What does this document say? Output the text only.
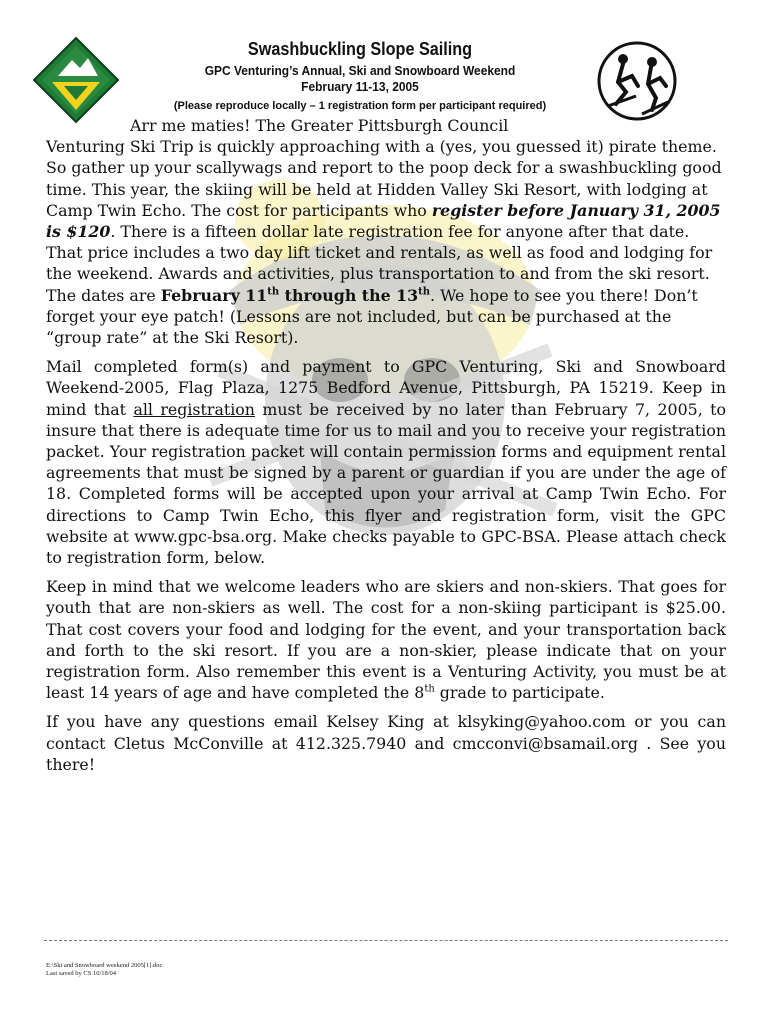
Swashbuckling Slope Sailing
GPC Venturing’s Annual, Ski and Snowboard Weekend
February 11-13, 2005
(Please reproduce locally – 1 registration form per participant required)

Arr me maties! The Greater Pittsburgh Council
Venturing Ski Trip is quickly approaching with a (yes, you guessed it) pirate theme. So gather up your scallywags and report to the poop deck for a swashbuckling good time. This year, the skiing will be held at Hidden Valley Ski Resort, with lodging at Camp Twin Echo. The cost for participants who register before January 31, 2005 is $120. There is a fifteen dollar late registration fee for anyone after that date. That price includes a two day lift ticket and rentals, as well as food and lodging for the weekend. Awards and activities, plus transportation to and from the ski resort. The dates are February 11th through the 13th. We hope to see you there! Don’t forget your eye patch! (Lessons are not included, but can be purchased at the “group rate” at the Ski Resort).

Mail completed form(s) and payment to GPC Venturing, Ski and Snowboard Weekend-2005, Flag Plaza, 1275 Bedford Avenue, Pittsburgh, PA 15219. Keep in mind that all registration must be received by no later than February 7, 2005, to insure that there is adequate time for us to mail and you to receive your registration packet. Your registration packet will contain permission forms and equipment rental agreements that must be signed by a parent or guardian if you are under the age of 18. Completed forms will be accepted upon your arrival at Camp Twin Echo. For directions to Camp Twin Echo, this flyer and registration form, visit the GPC website at www.gpc-bsa.org. Make checks payable to GPC-BSA. Please attach check to registration form, below.

Keep in mind that we welcome leaders who are skiers and non-skiers. That goes for youth that are non-skiers as well. The cost for a non-skiing participant is $25.00. That cost covers your food and lodging for the event, and your transportation back and forth to the ski resort. If you are a non-skier, please indicate that on your registration form. Also remember this event is a Venturing Activity, you must be at least 14 years of age and have completed the 8th grade to participate.

If you have any questions email Kelsey King at klsyking@yahoo.com or you can contact Cletus McConville at 412.325.7940 and cmcconvi@bsamail.org . See you there!

E:\Ski and Snowboard weekend 2005[1].doc
Last saved by CS 10/18/04
